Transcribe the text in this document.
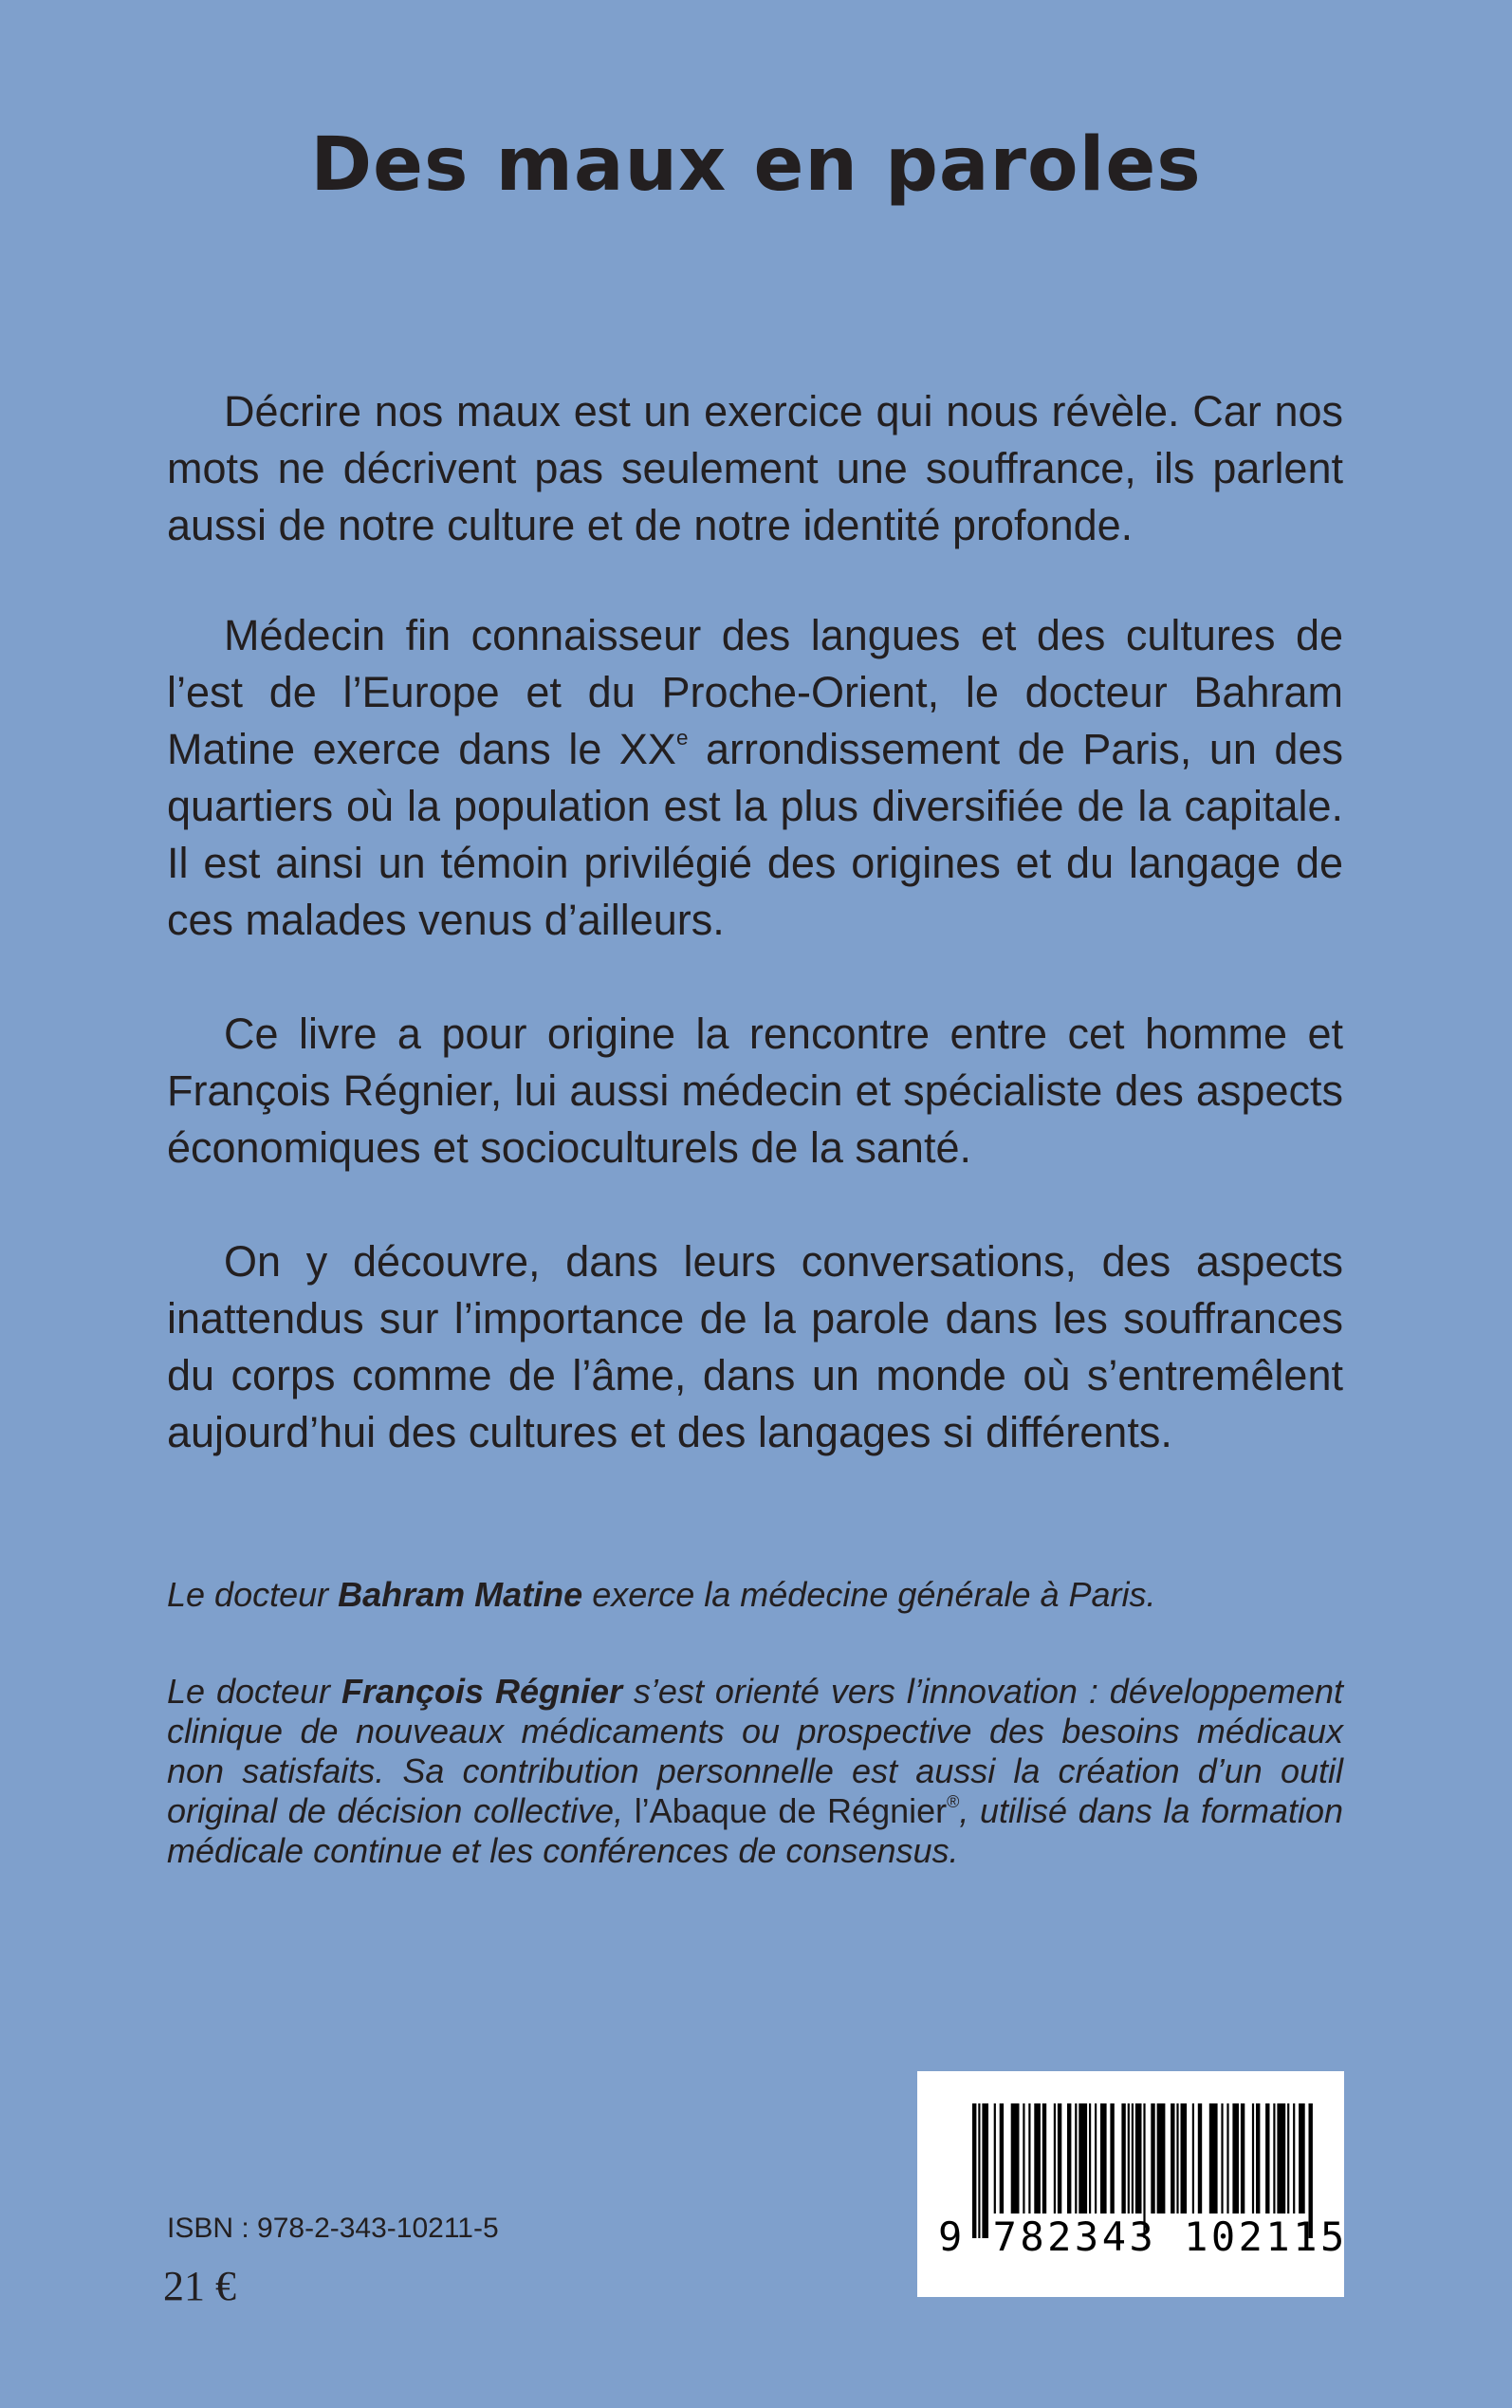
Des maux en paroles

Décrire nos maux est un exercice qui nous révèle. Car nos mots ne décrivent pas seulement une souffrance, ils parlent aussi de notre culture et de notre identité profonde.

Médecin fin connaisseur des langues et des cultures de l’est de l’Europe et du Proche-Orient, le docteur Bahram Matine exerce dans le XXe arrondissement de Paris, un des quartiers où la population est la plus diversifiée de la capitale. Il est ainsi un témoin privilégié des origines et du langage de ces malades venus d’ailleurs.

Ce livre a pour origine la rencontre entre cet homme et François Régnier, lui aussi médecin et spécialiste des aspects économiques et socioculturels de la santé.

On y découvre, dans leurs conversations, des aspects inattendus sur l’importance de la parole dans les souffrances du corps comme de l’âme, dans un monde où s’entremêlent aujourd’hui des cultures et des langages si différents.

Le docteur Bahram Matine exerce la médecine générale à Paris.

Le docteur François Régnier s’est orienté vers l’innovation : développement clinique de nouveaux médicaments ou prospective des besoins médicaux non satisfaits. Sa contribution personnelle est aussi la création d’un outil original de décision collective, l’Abaque de Régnier®, utilisé dans la formation médicale continue et les conférences de consensus.

ISBN : 978-2-343-10211-5

21 €

9 782343 102115
